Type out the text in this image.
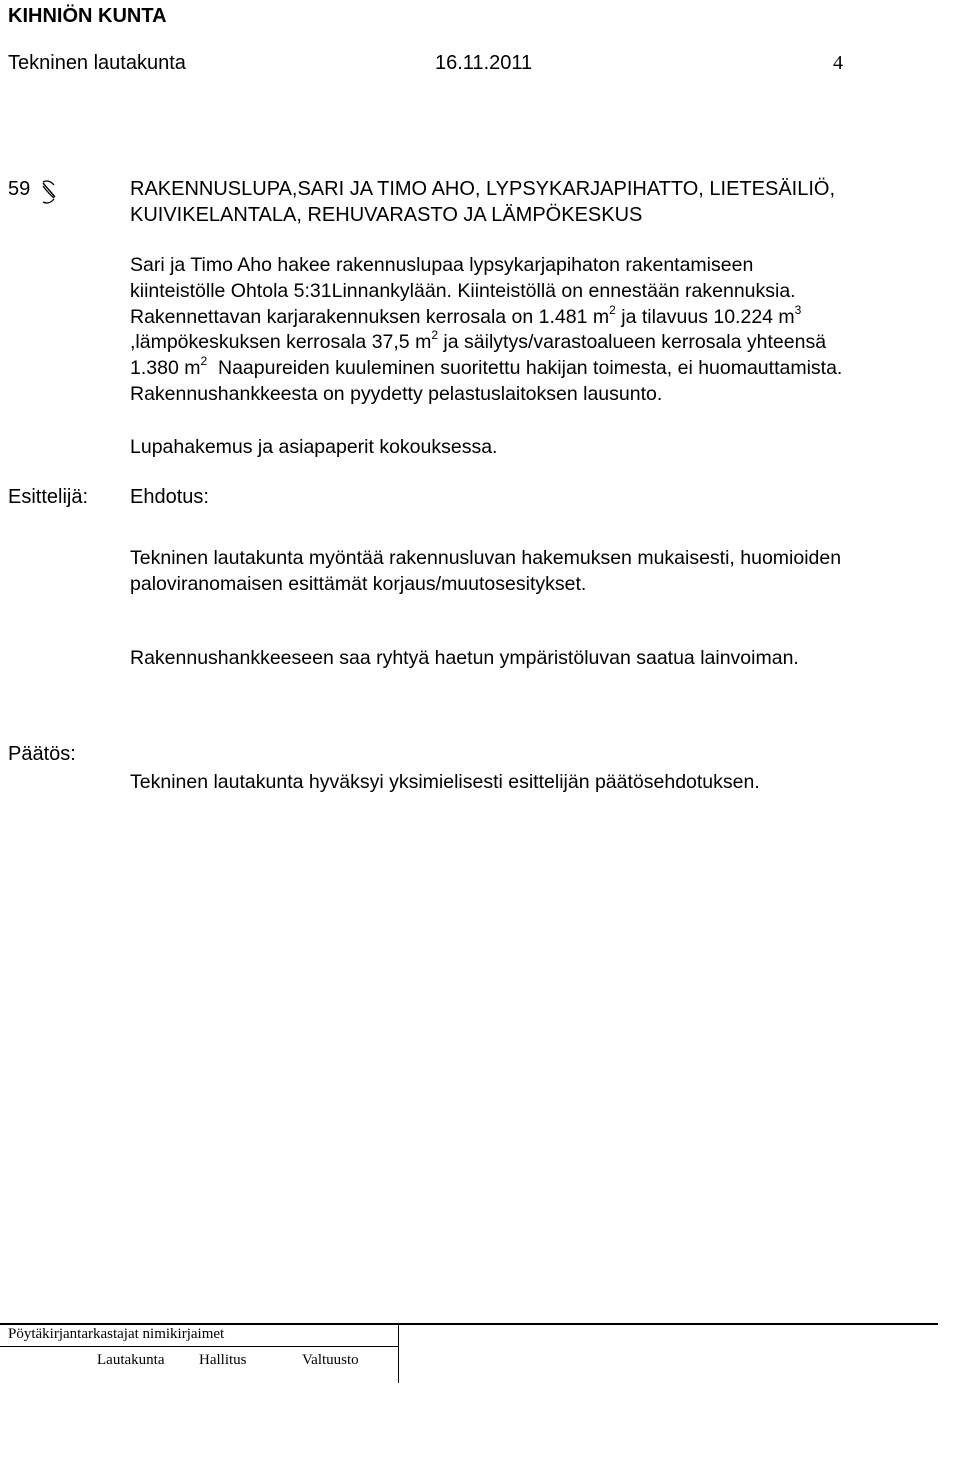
KIHNIÖN KUNTA
Tekninen lautakunta	16.11.2011	4
59	RAKENNUSLUPA,SARI JA TIMO AHO, LYPSYKARJAPIHATTO, LIETESÄILIÖ,
KUIVIKELANTALA, REHUVARASTO JA LÄMPÖKESKUS
Sari ja Timo Aho hakee rakennuslupaa lypsykarjapihaton rakentamiseen
kiinteistölle Ohtola 5:31Linnankylään. Kiinteistöllä on ennestään rakennuksia.
Rakennettavan karjarakennuksen kerrosala on 1.481 $m^2$ ja tilavuus 10.224 $m^3$
,lämpökeskuksen kerrosala 37,5 $m^2$ ja säilytys/varastoalueen kerrosala yhteensä
1.380 $m^2$  Naapureiden kuuleminen suoritettu hakijan toimesta, ei huomauttamista.
Rakennushankkeesta on pyydetty pelastuslaitoksen lausunto.
Lupahakemus ja asiapaperit kokouksessa.
Esittelijä: Ehdotus:
Tekninen lautakunta myöntää rakennusluvan hakemuksen mukaisesti, huomioiden
paloviranomaisen esittämät korjaus/muutosesitykset.
Rakennushankkeeseen saa ryhtyä haetun ympäristöluvan saatua lainvoiman.
Päätös:
Tekninen lautakunta hyväksyi yksimielisesti esittelijän päätösehdotuksen.
Pöytäkirjantarkastajat nimikirjaimet
Lautakunta Hallitus	Valtuusto
